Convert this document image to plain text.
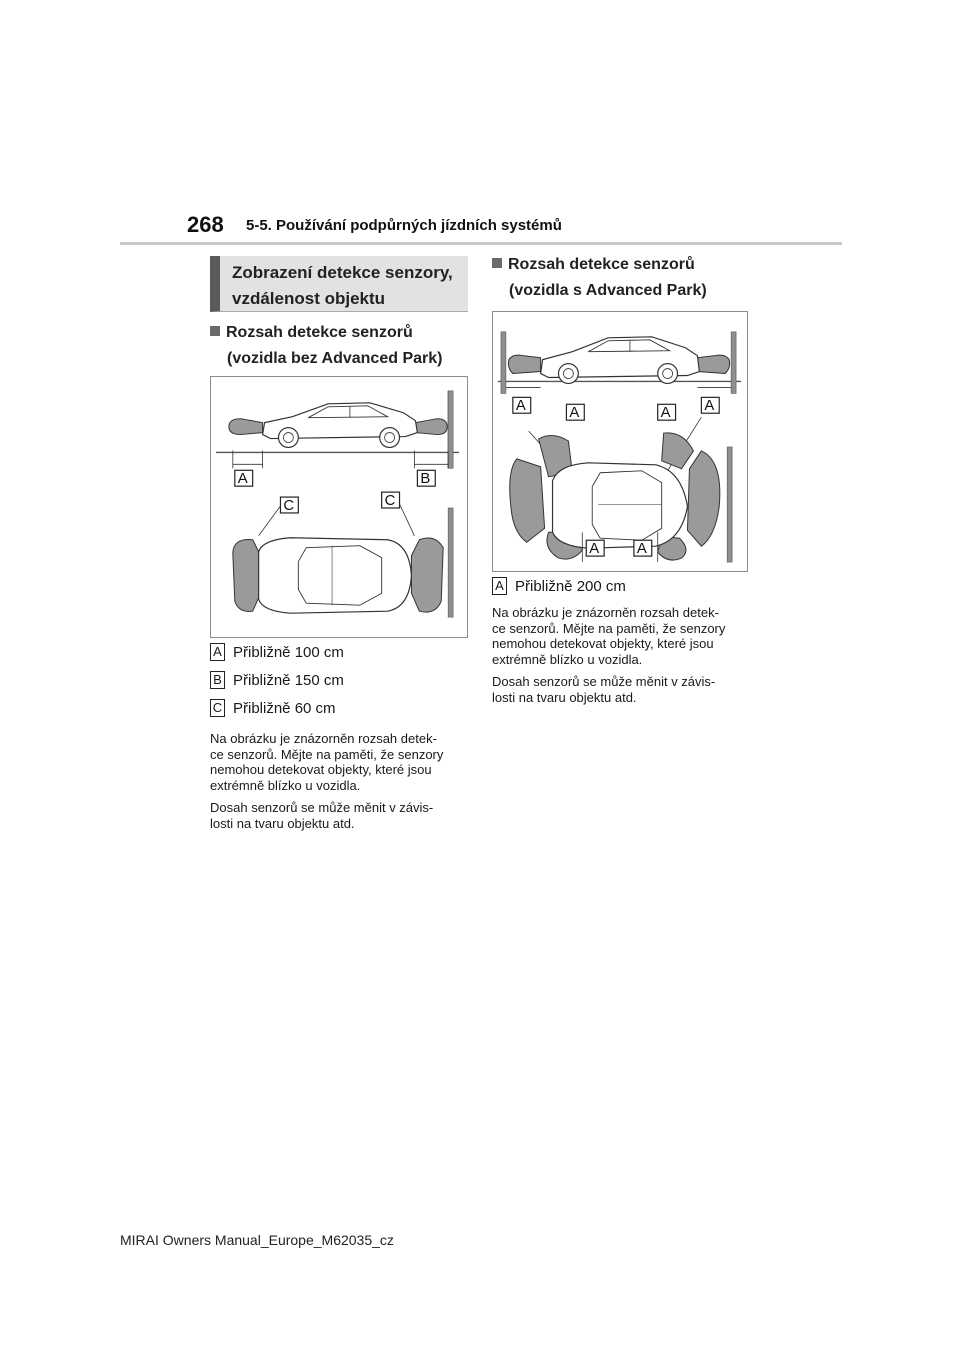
268 5-5. Používání podpůrných jízdních systémů
Zobrazení detekce senzory,
vzdálenost objektu
Rozsah detekce senzorů
(vozidla bez Advanced Park)
A	B
C	C
A Přibližně 100 cm
B Přibližně 150 cm
C Přibližně 60 cm

Na obrázku je znázorněn rozsah detek-
ce senzorů. Mějte na paměti, že senzory
nemohou detekovat objekty, které jsou
extrémně blízko u vozidla.

Dosah senzorů se může měnit v závis-
losti na tvaru objektu atd.

Rozsah detekce senzorů
(vozidla s Advanced Park)
A	A	A A
A	A
A Přibližně 200 cm

Na obrázku je znázorněn rozsah detek-
ce senzorů. Mějte na paměti, že senzory
nemohou detekovat objekty, které jsou
extrémně blízko u vozidla.

Dosah senzorů se může měnit v závis-
losti na tvaru objektu atd.

MIRAI Owners Manual_Europe_M62035_cz
